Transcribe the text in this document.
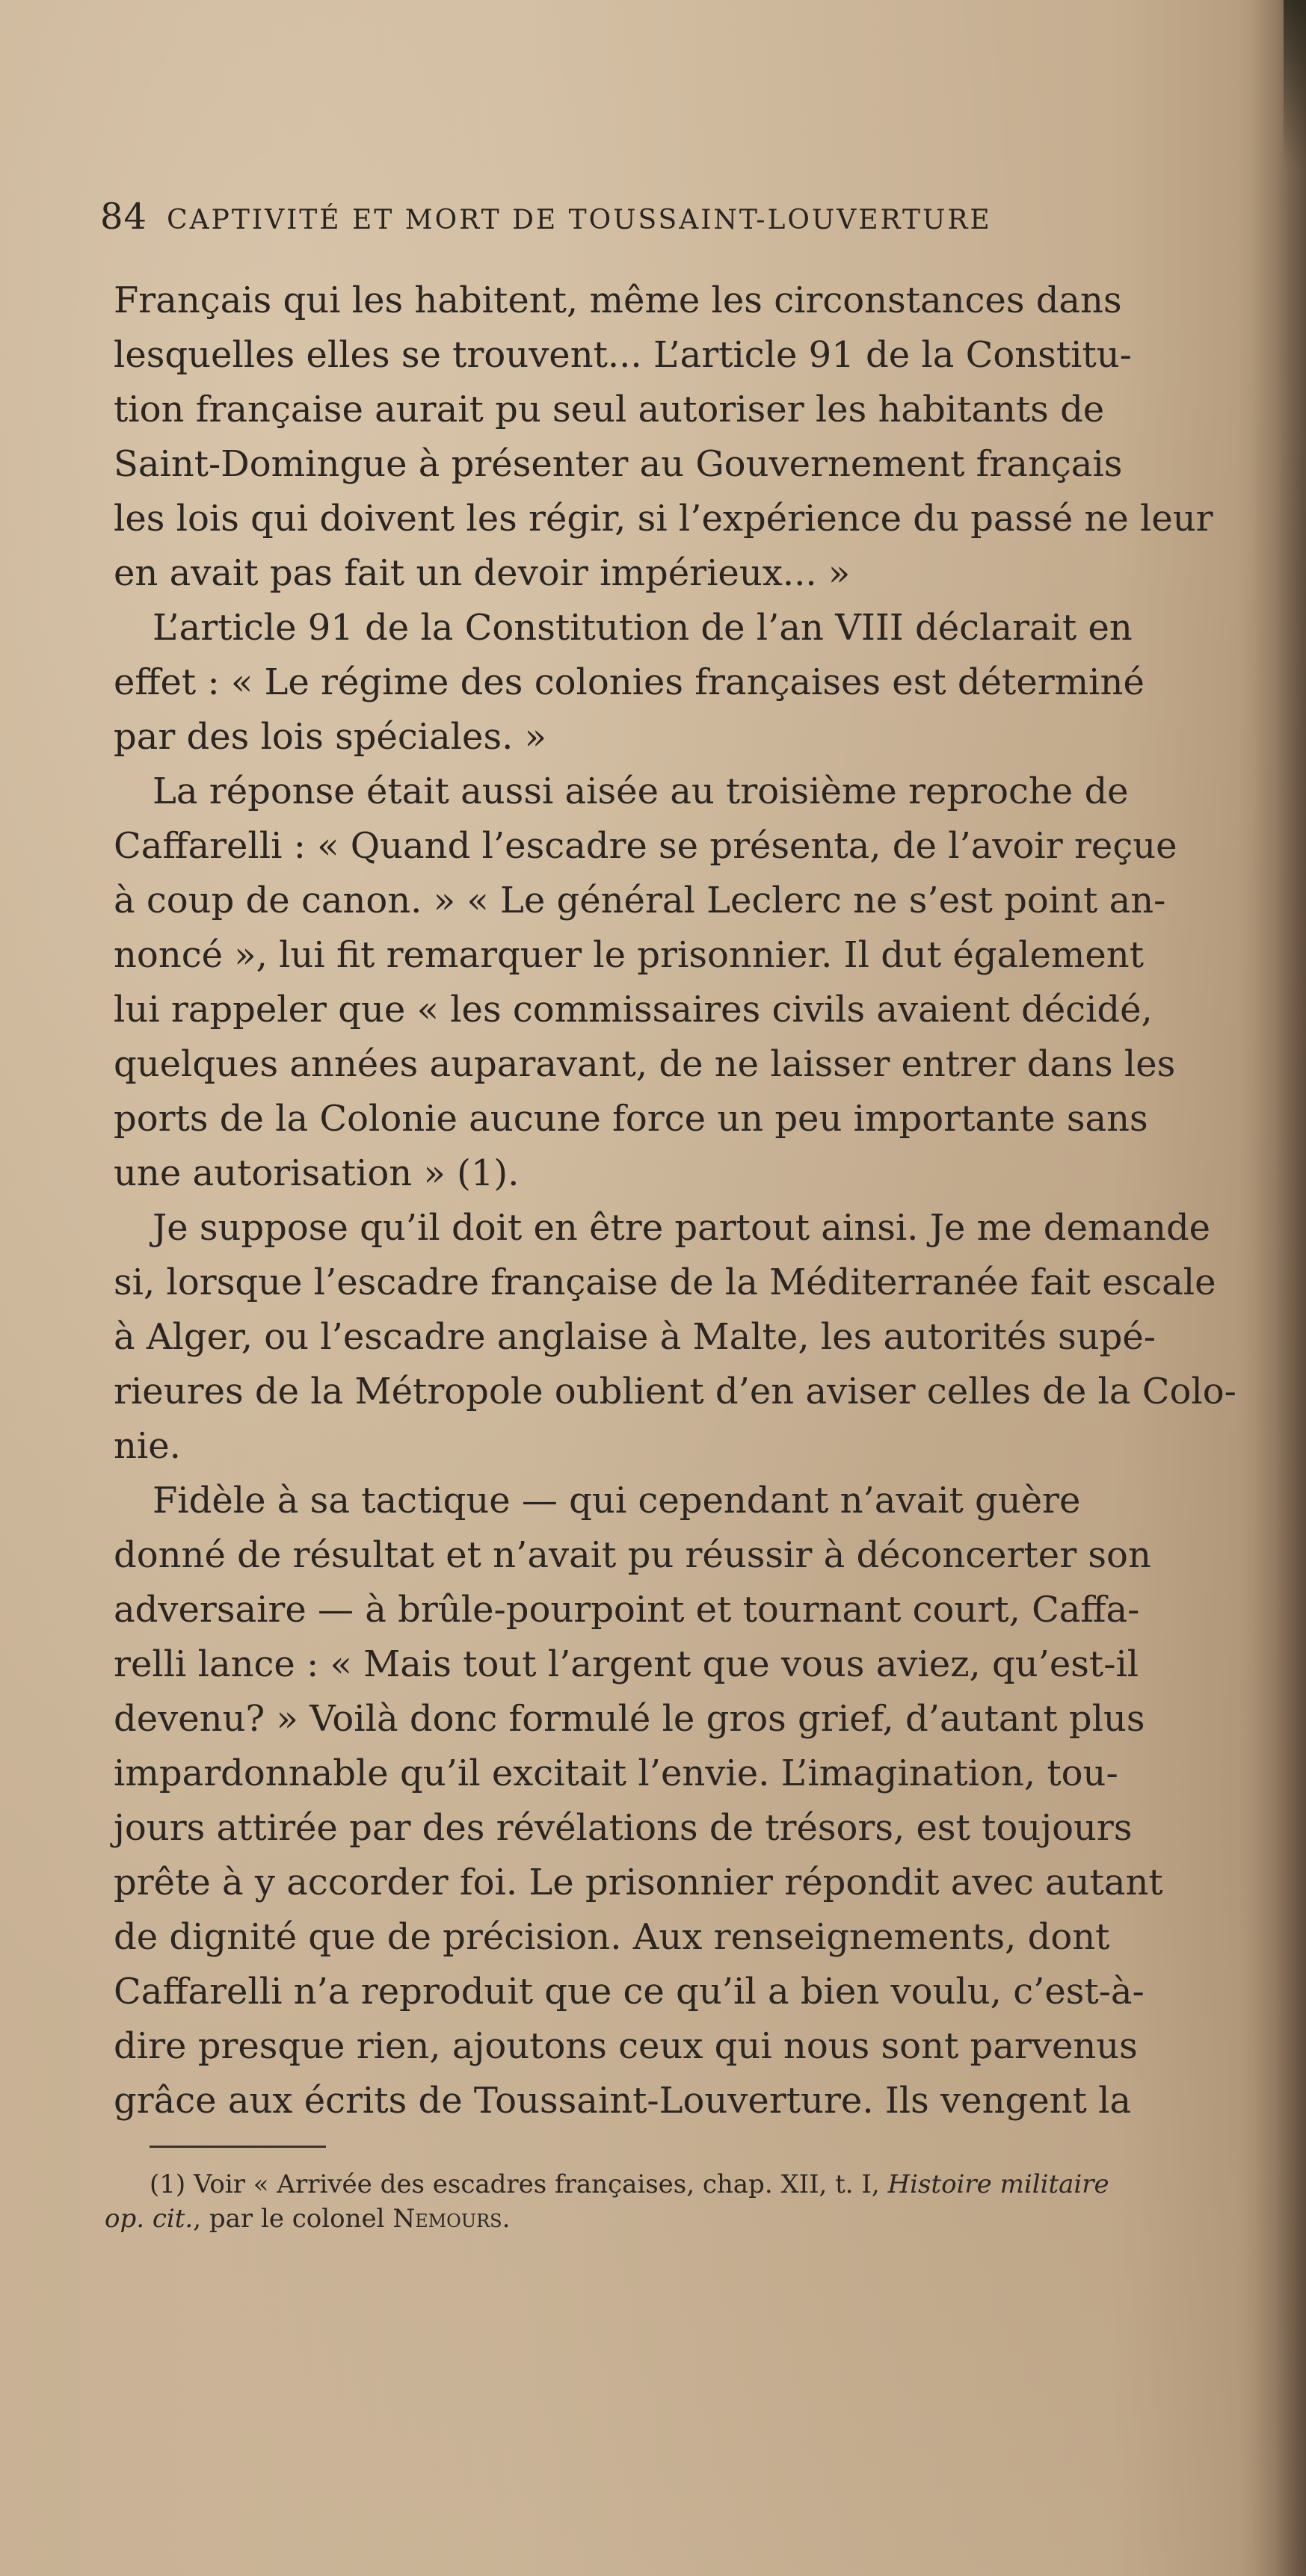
84 CAPTIVITÉ ET MORT DE TOUSSAINT-LOUVERTURE
Français qui les habitent, même les circonstances dans
lesquelles elles se trouvent... L’article 91 de la Constitu-
tion française aurait pu seul autoriser les habitants de
Saint-Domingue à présenter au Gouvernement français
les lois qui doivent les régir, si l’expérience du passé ne leur
en avait pas fait un devoir impérieux... »
L’article 91 de la Constitution de l’an VIII déclarait en
effet : « Le régime des colonies françaises est déterminé
par des lois spéciales. »
La réponse était aussi aisée au troisième reproche de
Caffarelli : « Quand l’escadre se présenta, de l’avoir reçue
à coup de canon. » « Le général Leclerc ne s’est point an-
noncé », lui fit remarquer le prisonnier. Il dut également
lui rappeler que « les commissaires civils avaient décidé,
quelques années auparavant, de ne laisser entrer dans les
ports de la Colonie aucune force un peu importante sans
une autorisation » (1).
Je suppose qu’il doit en être partout ainsi. Je me demande
si, lorsque l’escadre française de la Méditerranée fait escale
à Alger, ou l’escadre anglaise à Malte, les autorités supé-
rieures de la Métropole oublient d’en aviser celles de la Colo-
nie.
Fidèle à sa tactique — qui cependant n’avait guère
donné de résultat et n’avait pu réussir à déconcerter son
adversaire — à brûle-pourpoint et tournant court, Caffa-
relli lance : « Mais tout l’argent que vous aviez, qu’est-il
devenu? » Voilà donc formulé le gros grief, d’autant plus
impardonnable qu’il excitait l’envie. L’imagination, tou-
jours attirée par des révélations de trésors, est toujours
prête à y accorder foi. Le prisonnier répondit avec autant
de dignité que de précision. Aux renseignements, dont
Caffarelli n’a reproduit que ce qu’il a bien voulu, c’est-à-
dire presque rien, ajoutons ceux qui nous sont parvenus
grâce aux écrits de Toussaint-Louverture. Ils vengent la
(1) Voir « Arrivée des escadres françaises, chap. XII, t. I, Histoire militaire
op. cit., par le colonel Nemours.
